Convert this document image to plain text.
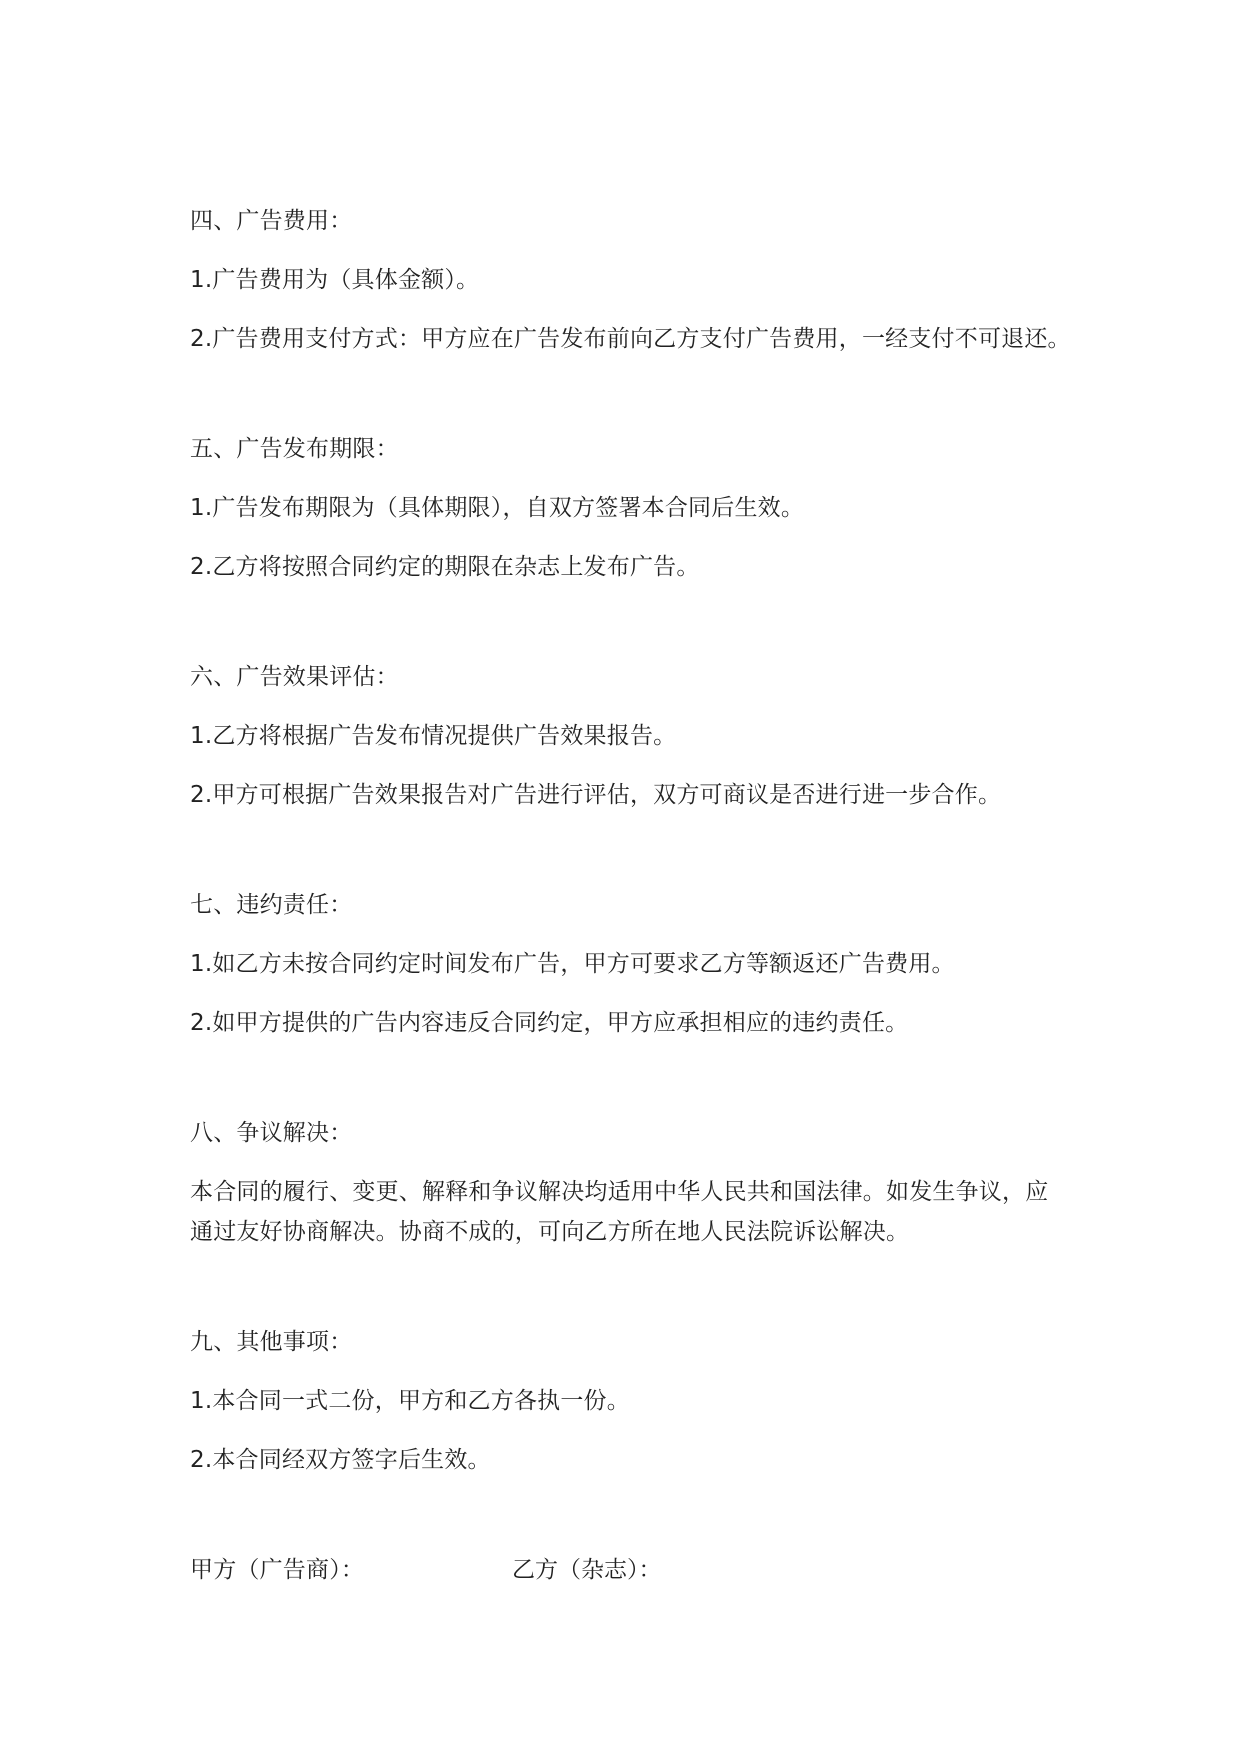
四、广告费用：
1.广告费用为（具体金额）。
2.广告费用支付方式：甲方应在广告发布前向乙方支付广告费用，一经支付不可退还。
五、广告发布期限：
1.广告发布期限为（具体期限），自双方签署本合同后生效。
2.乙方将按照合同约定的期限在杂志上发布广告。
六、广告效果评估：
1.乙方将根据广告发布情况提供广告效果报告。
2.甲方可根据广告效果报告对广告进行评估，双方可商议是否进行进一步合作。
七、违约责任：
1.如乙方未按合同约定时间发布广告，甲方可要求乙方等额返还广告费用。
2.如甲方提供的广告内容违反合同约定，甲方应承担相应的违约责任。
八、争议解决：
本合同的履行、变更、解释和争议解决均适用中华人民共和国法律。如发生争议，应
通过友好协商解决。协商不成的，可向乙方所在地人民法院诉讼解决。
九、其他事项：
1.本合同一式二份，甲方和乙方各执一份。
2.本合同经双方签字后生效。
甲方（广告商）：	乙方（杂志）：
